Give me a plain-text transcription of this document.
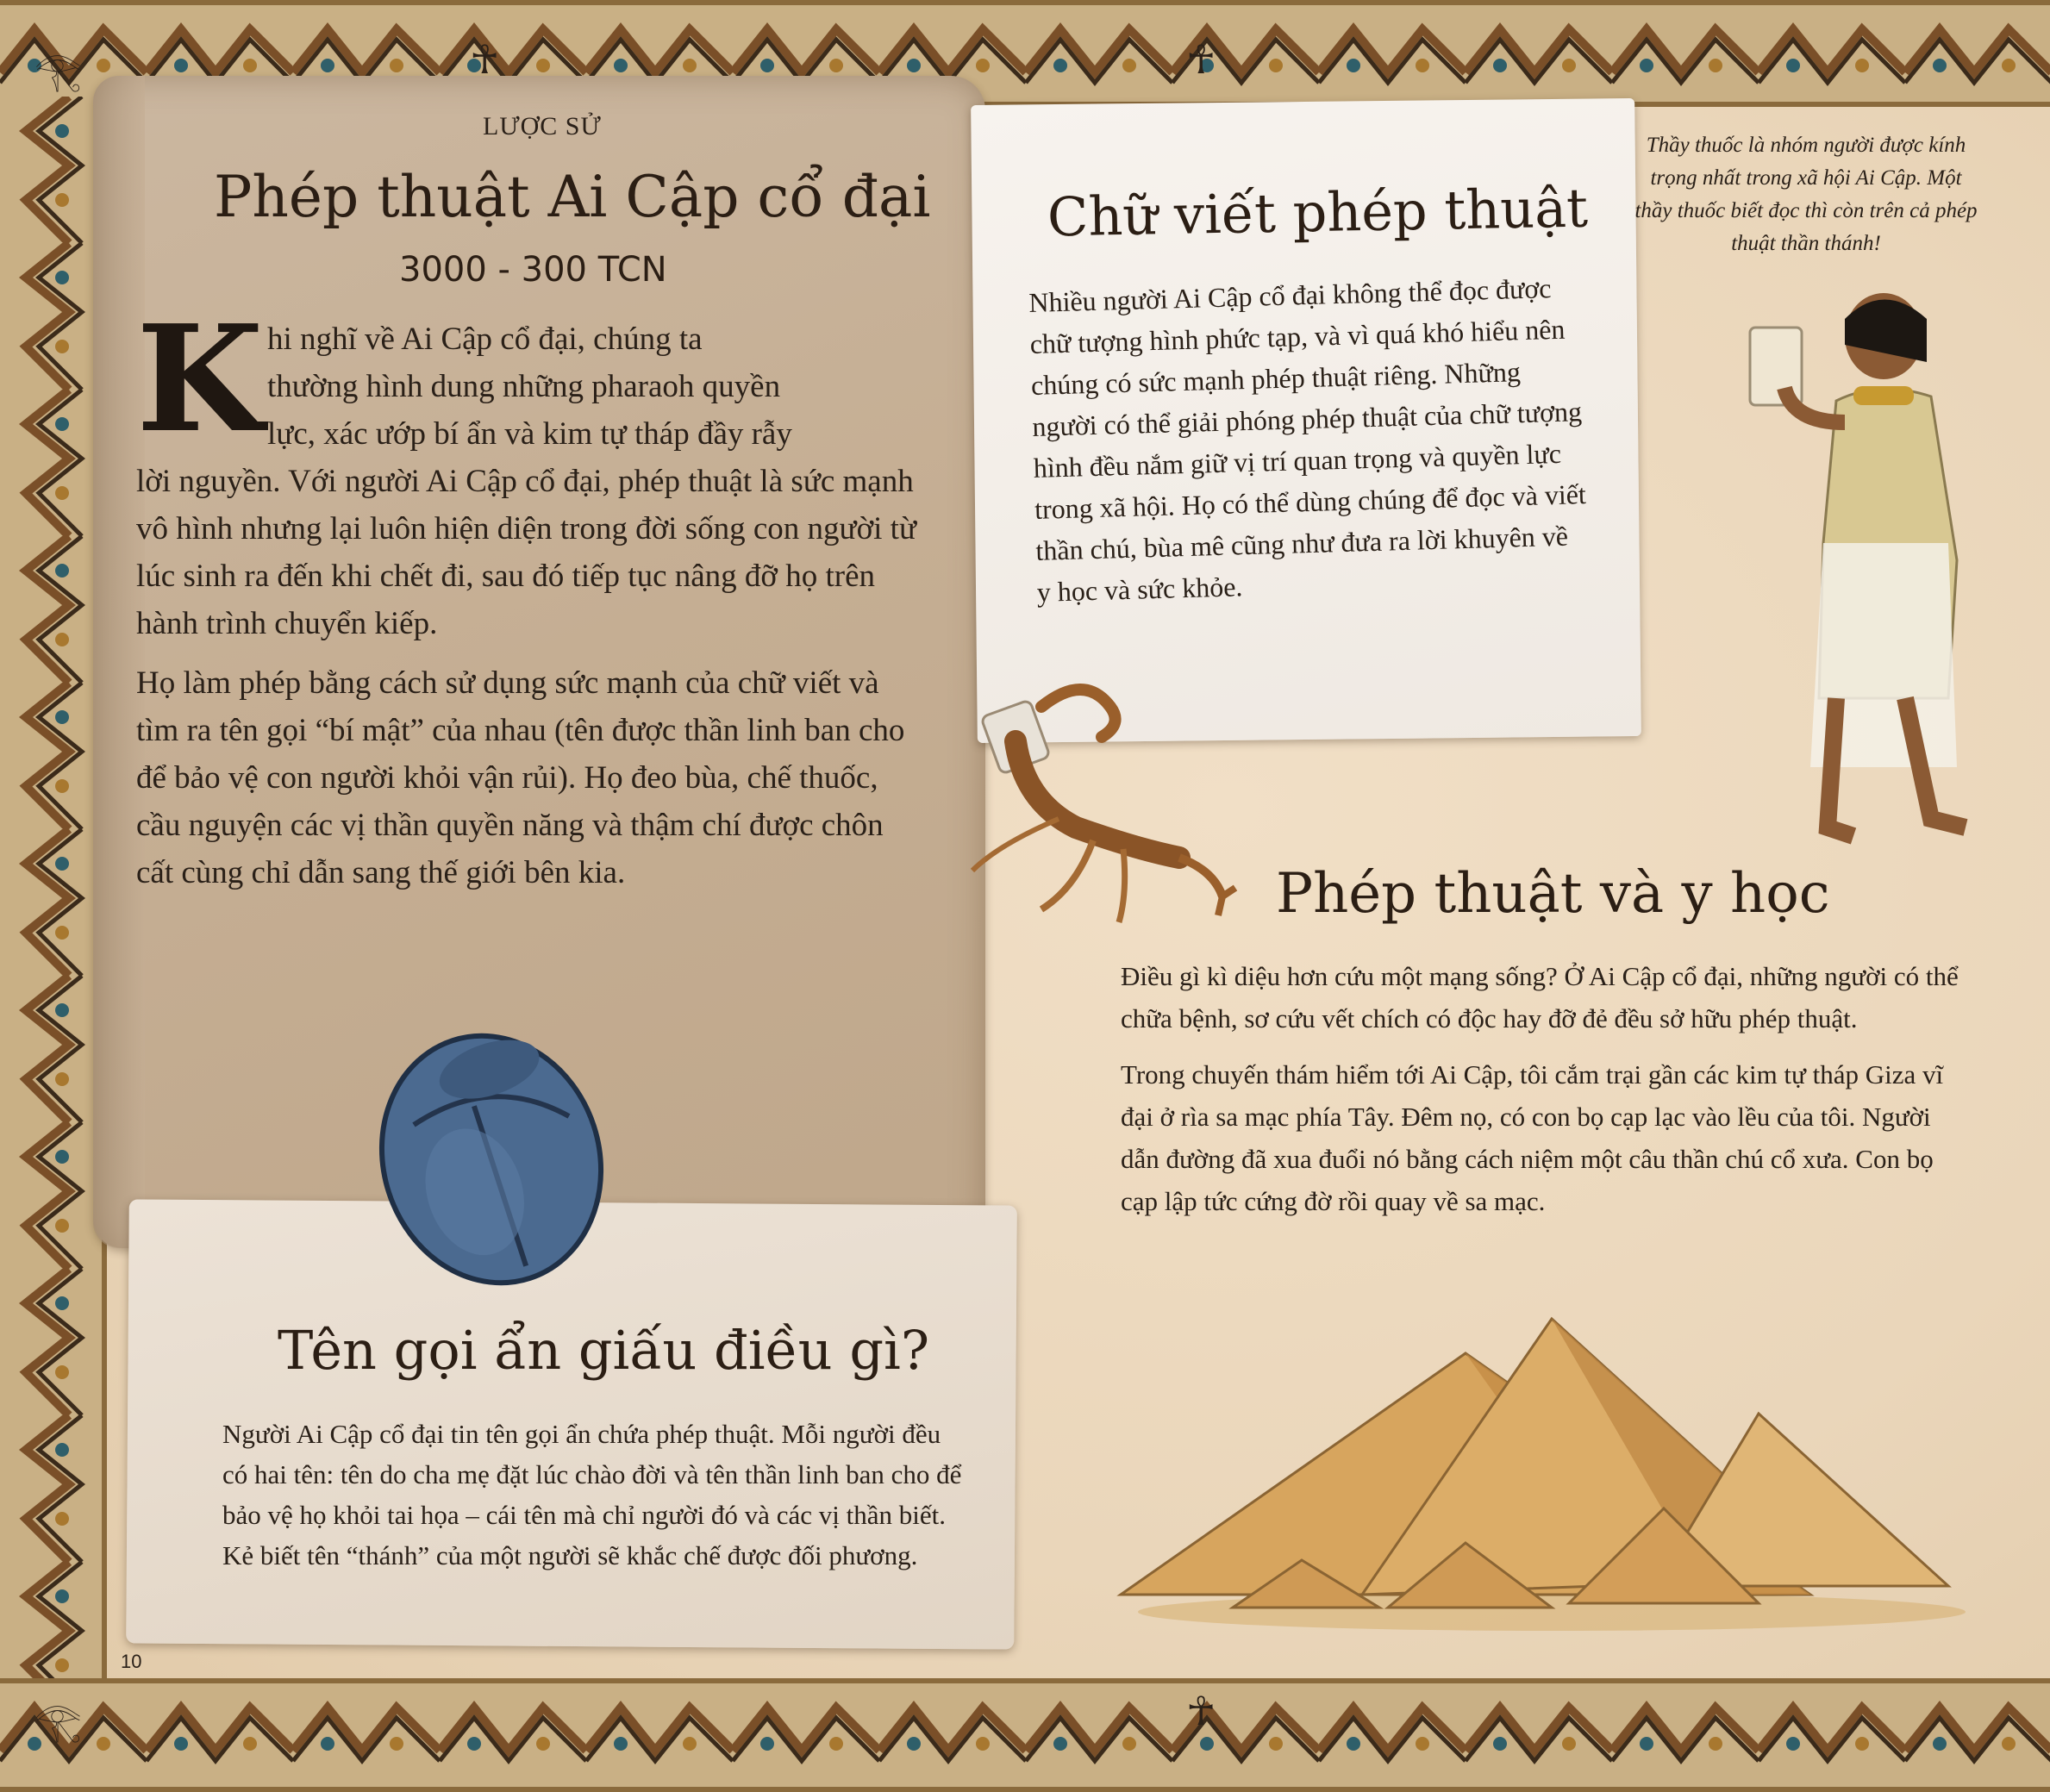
LƯỢC SỬ
Phép thuật Ai Cập cổ đại
3000 - 300 TCN
K hi nghĩ về Ai Cập cổ đại, chúng ta
thường hình dung những pharaoh quyền
lực, xác ướp bí ẩn và kim tự tháp đầy rẫy
lời nguyền. Với người Ai Cập cổ đại, phép thuật là sức mạnh vô hình nhưng lại luôn hiện diện trong đời sống con người từ lúc sinh ra đến khi chết đi, sau đó tiếp tục nâng đỡ họ trên hành trình chuyển kiếp.

Họ làm phép bằng cách sử dụng sức mạnh của chữ viết và tìm ra tên gọi “bí mật” của nhau (tên được thần linh ban cho để bảo vệ con người khỏi vận rủi). Họ đeo bùa, chế thuốc, cầu nguyện các vị thần quyền năng và thậm chí được chôn cất cùng chỉ dẫn sang thế giới bên kia.

Chữ viết phép thuật
Nhiều người Ai Cập cổ đại không thể đọc được chữ tượng hình phức tạp, và vì quá khó hiểu nên chúng có sức mạnh phép thuật riêng. Những người có thể giải phóng phép thuật của chữ tượng hình đều nắm giữ vị trí quan trọng và quyền lực trong xã hội. Họ có thể dùng chúng để đọc và viết thần chú, bùa mê cũng như đưa ra lời khuyên về y học và sức khỏe.
Thầy thuốc là nhóm người được kính trọng nhất trong xã hội Ai Cập. Một thầy thuốc biết đọc thì còn trên cả phép thuật thần thánh!
Phép thuật và y học

Điều gì kì diệu hơn cứu một mạng sống? Ở Ai Cập cổ đại, những người có thể chữa bệnh, sơ cứu vết chích có độc hay đỡ đẻ đều sở hữu phép thuật.

Trong chuyến thám hiểm tới Ai Cập, tôi cắm trại gần các kim tự tháp Giza vĩ đại ở rìa sa mạc phía Tây. Đêm nọ, có con bọ cạp lạc vào lều của tôi. Người dẫn đường đã xua đuổi nó bằng cách niệm một câu thần chú cổ xưa. Con bọ cạp lập tức cứng đờ rồi quay về sa mạc.

Tên gọi ẩn giấu điều gì?
Người Ai Cập cổ đại tin tên gọi ẩn chứa phép thuật. Mỗi người đều có hai tên: tên do cha mẹ đặt lúc chào đời và tên thần linh ban cho để bảo vệ họ khỏi tai họa – cái tên mà chỉ người đó và các vị thần biết. Kẻ biết tên “thánh” của một người sẽ khắc chế được đối phương.
10
𓂀	☥	☥
𓂀	☥
